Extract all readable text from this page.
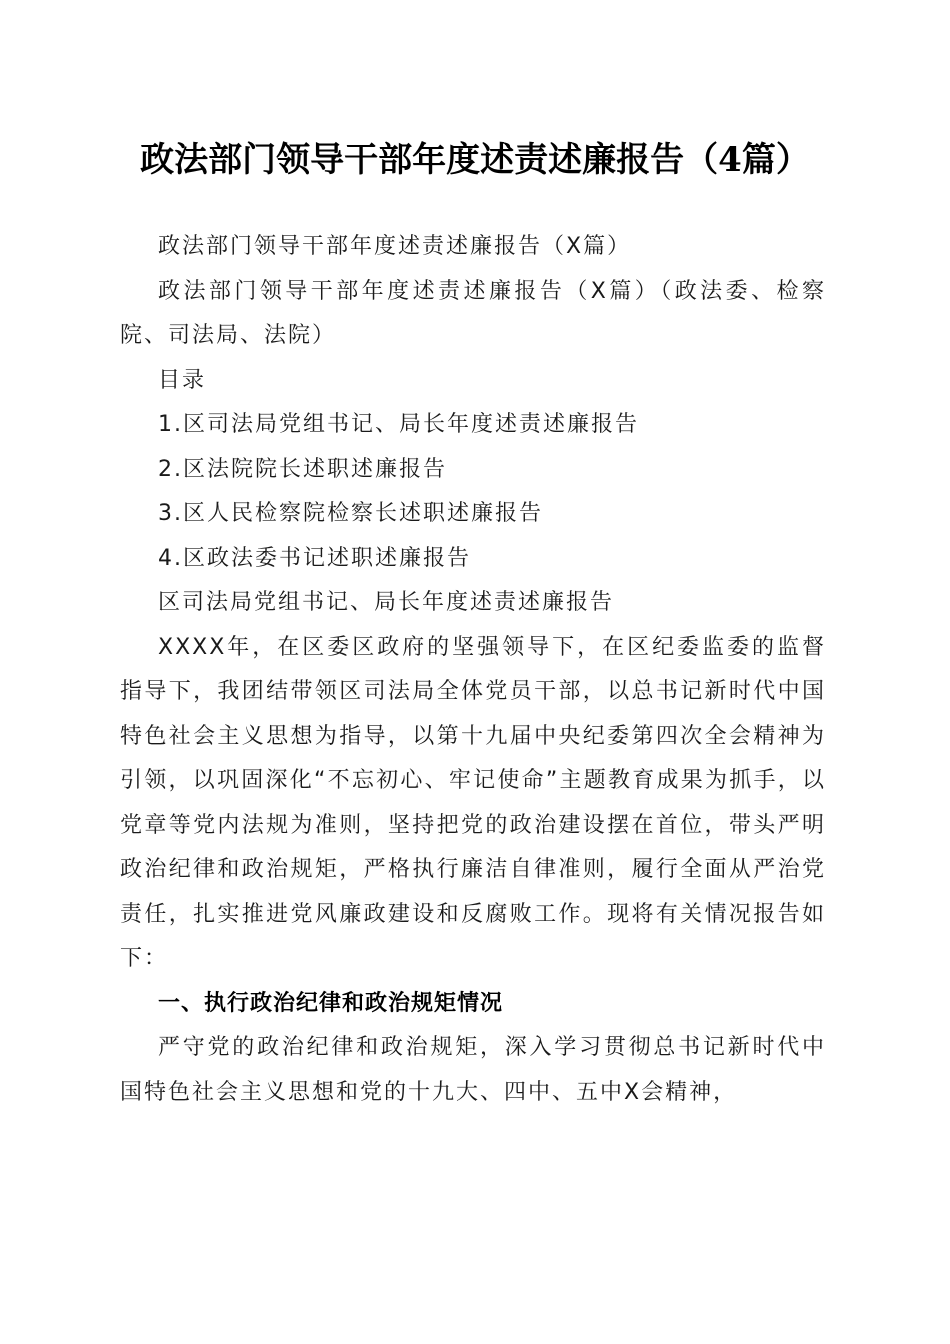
政法部门领导干部年度述责述廉报告（4篇）

政法部门领导干部年度述责述廉报告（X篇）

政法部门领导干部年度述责述廉报告（X篇）（政法委、检察院、司法局、法院）

目录

1.区司法局党组书记、局长年度述责述廉报告

2.区法院院长述职述廉报告

3.区人民检察院检察长述职述廉报告

4.区政法委书记述职述廉报告

区司法局党组书记、局长年度述责述廉报告

XXXX年，在区委区政府的坚强领导下，在区纪委监委的监督指导下，我团结带领区司法局全体党员干部，以总书记新时代中国特色社会主义思想为指导，以第十九届中央纪委第四次全会精神为引领，以巩固深化“不忘初心、牢记使命”主题教育成果为抓手，以党章等党内法规为准则，坚持把党的政治建设摆在首位，带头严明政治纪律和政治规矩，严格执行廉洁自律准则，履行全面从严治党责任，扎实推进党风廉政建设和反腐败工作。现将有关情况报告如下：

一、执行政治纪律和政治规矩情况

严守党的政治纪律和政治规矩，深入学习贯彻总书记新时代中国特色社会主义思想和党的十九大、四中、五中X会精神，
